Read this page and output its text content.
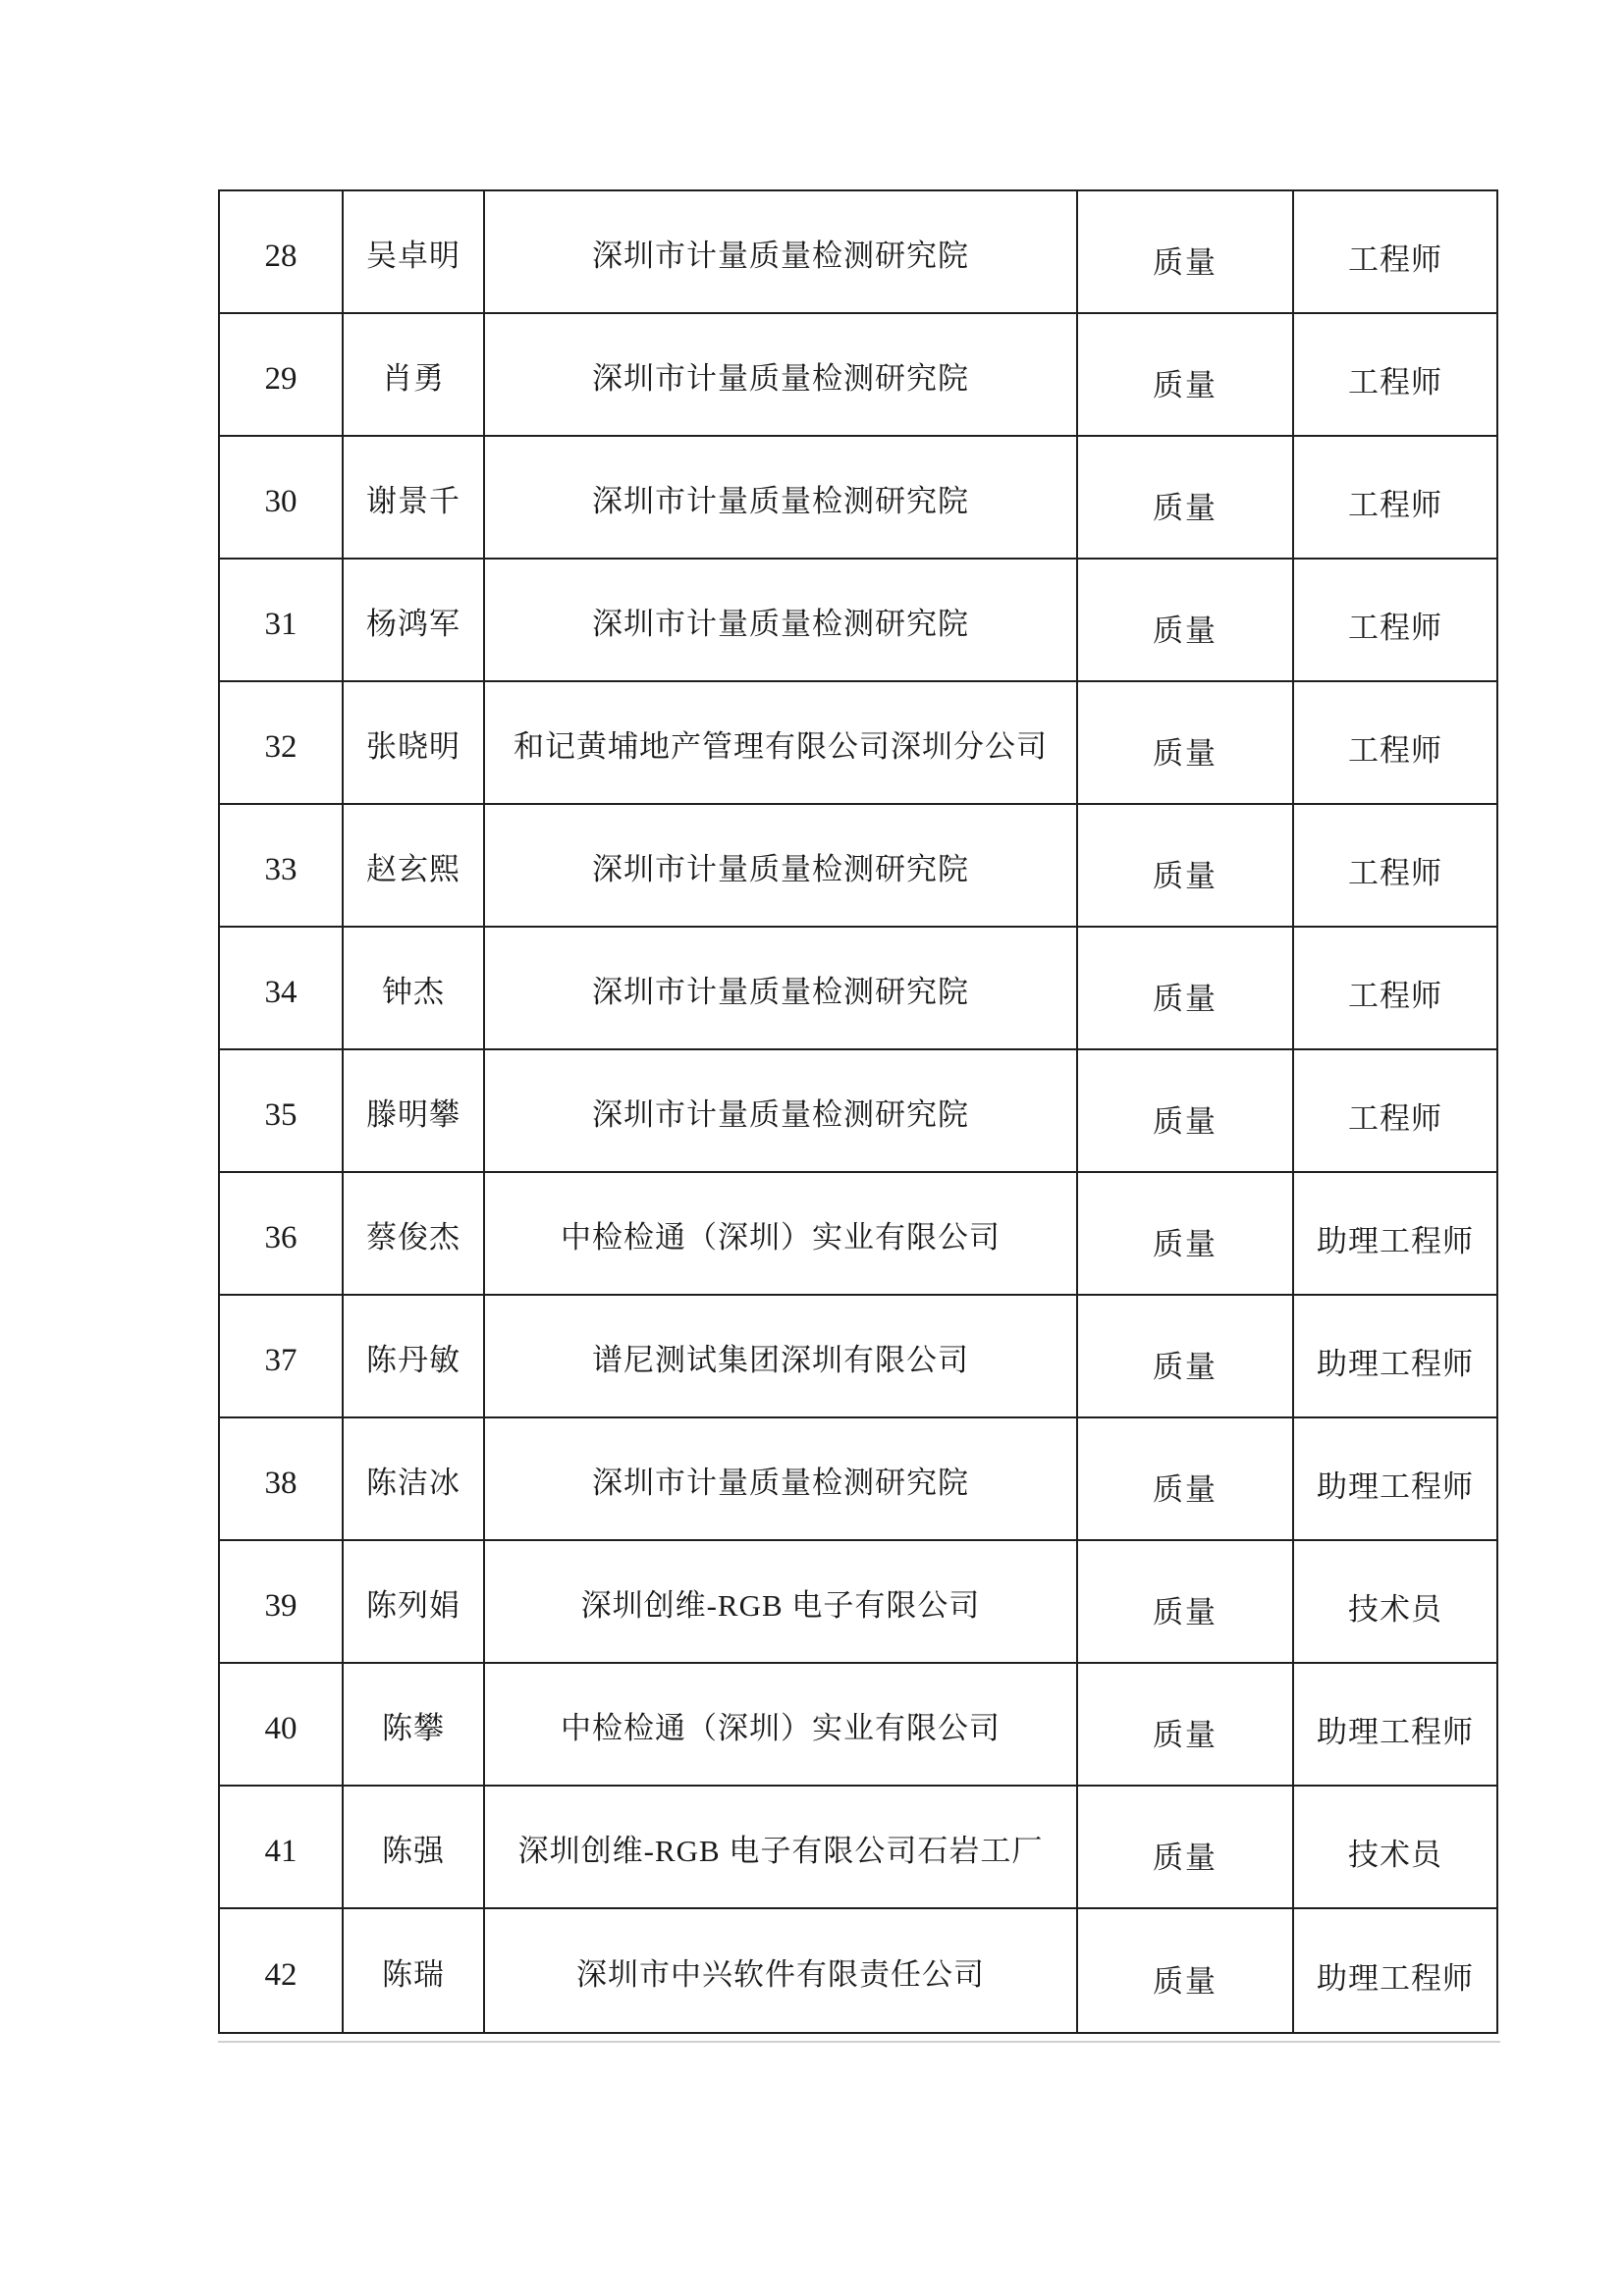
28 吴卓明	深圳市计量质量检测研究院	质量	工程师
29	肖勇	深圳市计量质量检测研究院	质量	工程师
30 谢景千	深圳市计量质量检测研究院	质量	工程师
31 杨鸿军	深圳市计量质量检测研究院	质量	工程师
32 张晓明 和记黄埔地产管理有限公司深圳分公司	质量	工程师
33 赵玄熙	深圳市计量质量检测研究院	质量	工程师
34	钟杰	深圳市计量质量检测研究院	质量	工程师
35 滕明攀	深圳市计量质量检测研究院	质量	工程师
36 蔡俊杰	中检检通（深圳）实业有限公司	质量	助理工程师
37 陈丹敏	谱尼测试集团深圳有限公司	质量	助理工程师
38 陈洁冰	深圳市计量质量检测研究院	质量	助理工程师
39 陈列娟	深圳创维-RGB 电子有限公司	质量	技术员
40	陈攀	中检检通（深圳）实业有限公司	质量	助理工程师
41	陈强 深圳创维-RGB 电子有限公司石岩工厂	质量	技术员
42	陈瑞	深圳市中兴软件有限责任公司	质量	助理工程师
